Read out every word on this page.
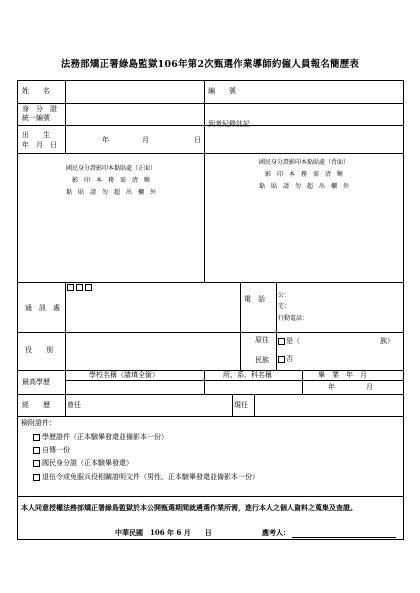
法務部矯正署綠島監獄106年第2次甄選作業導師約僱人員報名簡歷表
姓　　名	編　　號
身　分　證
統一編號
到考紀錄註記
出　　生
年　月　日
年	月	日
國民身分證影印本黏貼處（正面）
影　印　本　務　需　清　晰
黏　貼　請　勿　超　出　欄　外
國民身分證影印本黏貼處（背面）
影　印　本　務　需　清　晰
黏　貼　請　勿　超　出　欄　外
通　訊　處
電　話 公：
宅：
行動電話：
役　　別
原住
民族
是（	族）
否
最高學歷
學校名稱（請填全銜）	所、系、科名稱	畢　業　年　月
年	月
經　　歷 曾任	現任
檢附證件：
學歷證件（正本驗畢發還並備影本一份）
自傳一份
國民身分證（正本驗畢發還）
退伍令或免服兵役相關證明文件（男性、正本驗畢發還並備影本一份）
本人同意授權法務部矯正署綠島監獄於本公開甄選期間就遴選作業所需，進行本人之個人資料之蒐集及查證。
中華民國　106 年 6 月　　日	應考人：
